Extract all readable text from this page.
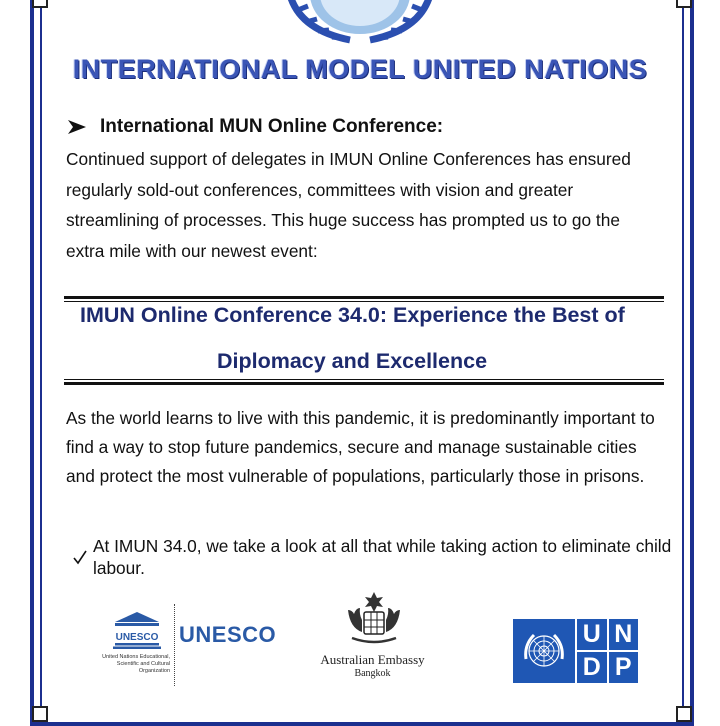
INTERNATIONAL MODEL UNITED NATIONS
International MUN Online Conference:
Continued support of delegates in IMUN Online Conferences has ensured regularly sold-out conferences, committees with vision and greater streamlining of processes. This huge success has prompted us to go the extra mile with our newest event:
IMUN Online Conference 34.0: Experience the Best of
Diplomacy and Excellence
As the world learns to live with this pandemic, it is predominantly important to find a way to stop future pandemics, secure and manage sustainable cities and protect the most vulnerable of populations, particularly those in prisons.
At IMUN 34.0, we take a look at all that while taking action to eliminate child labour.
UNESCO UNESCO
United Nations Educational, Scientific and Cultural Organization
Australian Embassy
Bangkok
U N
D P
